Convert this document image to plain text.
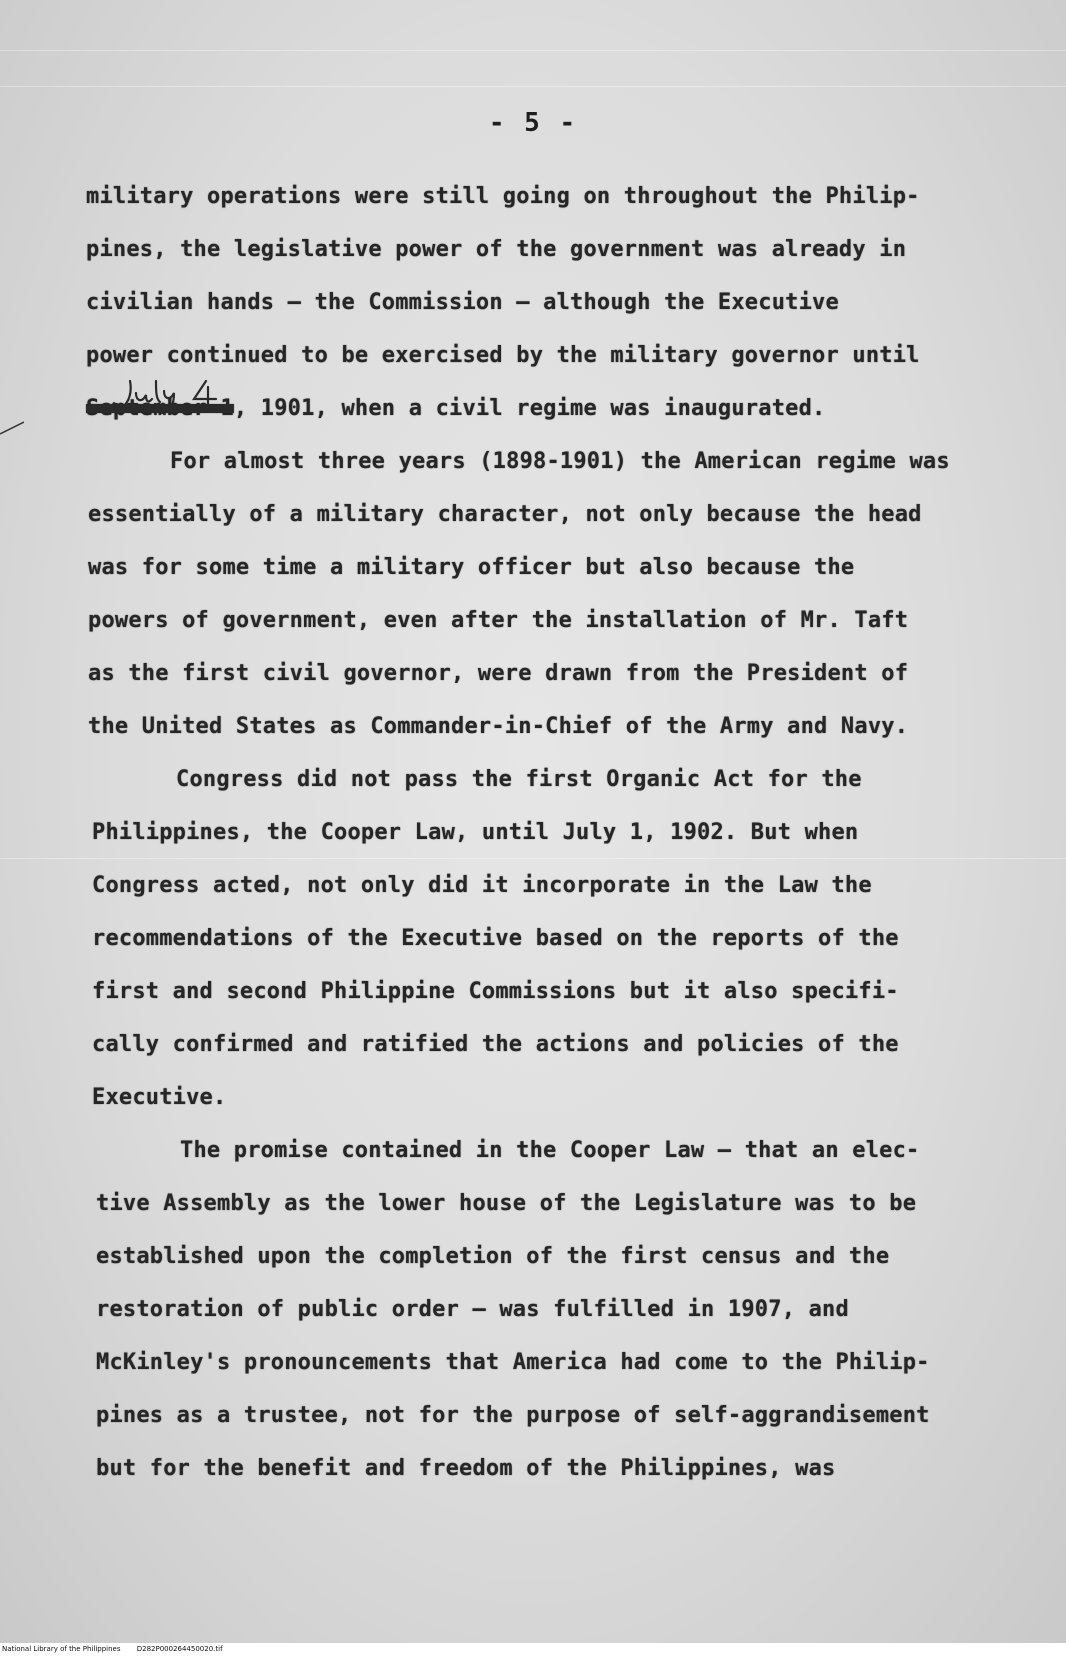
- 5 -
military operations were still going on throughout the Philip-
pines, the legislative power of the government was already in
civilian hands — the Commission — although the Executive
power continued to be exercised by the military governor until
September 1, 1901, when a civil regime was inaugurated.
For almost three years (1898-1901) the American regime was
essentially of a military character, not only because the head
was for some time a military officer but also because the
powers of government, even after the installation of Mr. Taft
as the first civil governor, were drawn from the President of
the United States as Commander-in-Chief of the Army and Navy.
Congress did not pass the first Organic Act for the
Philippines, the Cooper Law, until July 1, 1902. But when
Congress acted, not only did it incorporate in the Law the
recommendations of the Executive based on the reports of the
first and second Philippine Commissions but it also specifi-
cally confirmed and ratified the actions and policies of the
Executive.
The promise contained in the Cooper Law — that an elec-
tive Assembly as the lower house of the Legislature was to be
established upon the completion of the first census and the
restoration of public order — was fulfilled in 1907, and
McKinley's pronouncements that America had come to the Philip-
pines as a trustee, not for the purpose of self-aggrandisement
but for the benefit and freedom of the Philippines, was
National Library of the Philippines D282P000264450020.tif
